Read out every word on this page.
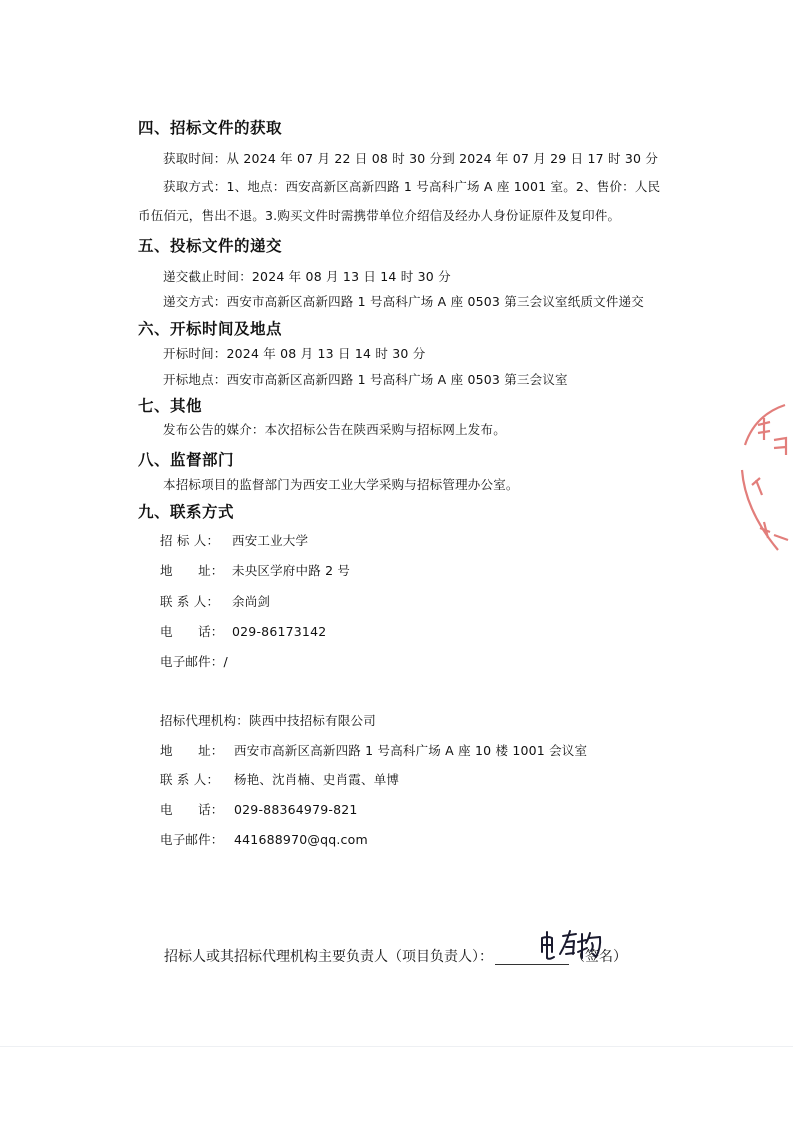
四、招标文件的获取
获取时间：从 2024 年 07 月 22 日 08 时 30 分到 2024 年 07 月 29 日 17 时 30 分
获取方式：1、地点：西安高新区高新四路 1 号高科广场 A 座 1001 室。2、售价：人民
币伍佰元，售出不退。3.购买文件时需携带单位介绍信及经办人身份证原件及复印件。
五、投标文件的递交
递交截止时间：2024 年 08 月 13 日 14 时 30 分
递交方式：西安市高新区高新四路 1 号高科广场 A 座 0503 第三会议室纸质文件递交
六、开标时间及地点
开标时间：2024 年 08 月 13 日 14 时 30 分
开标地点：西安市高新区高新四路 1 号高科广场 A 座 0503 第三会议室
七、其他
发布公告的媒介：本次招标公告在陕西采购与招标网上发布。
八、监督部门
本招标项目的监督部门为西安工业大学采购与招标管理办公室。
九、联系方式
招 标 人： 西安工业大学
地　　址： 未央区学府中路 2 号
联 系 人： 余尚剑
电　　话： 029-86173142
电子邮件：/
招标代理机构：陕西中技招标有限公司
地　　址： 西安市高新区高新四路 1 号高科广场 A 座 10 楼 1001 会议室
联 系 人： 杨艳、沈肖楠、史肖霞、单博
电　　话： 029-88364979-821
电子邮件： 441688970@qq.com
招标人或其招标代理机构主要负责人（项目负责人）：	（签名）
